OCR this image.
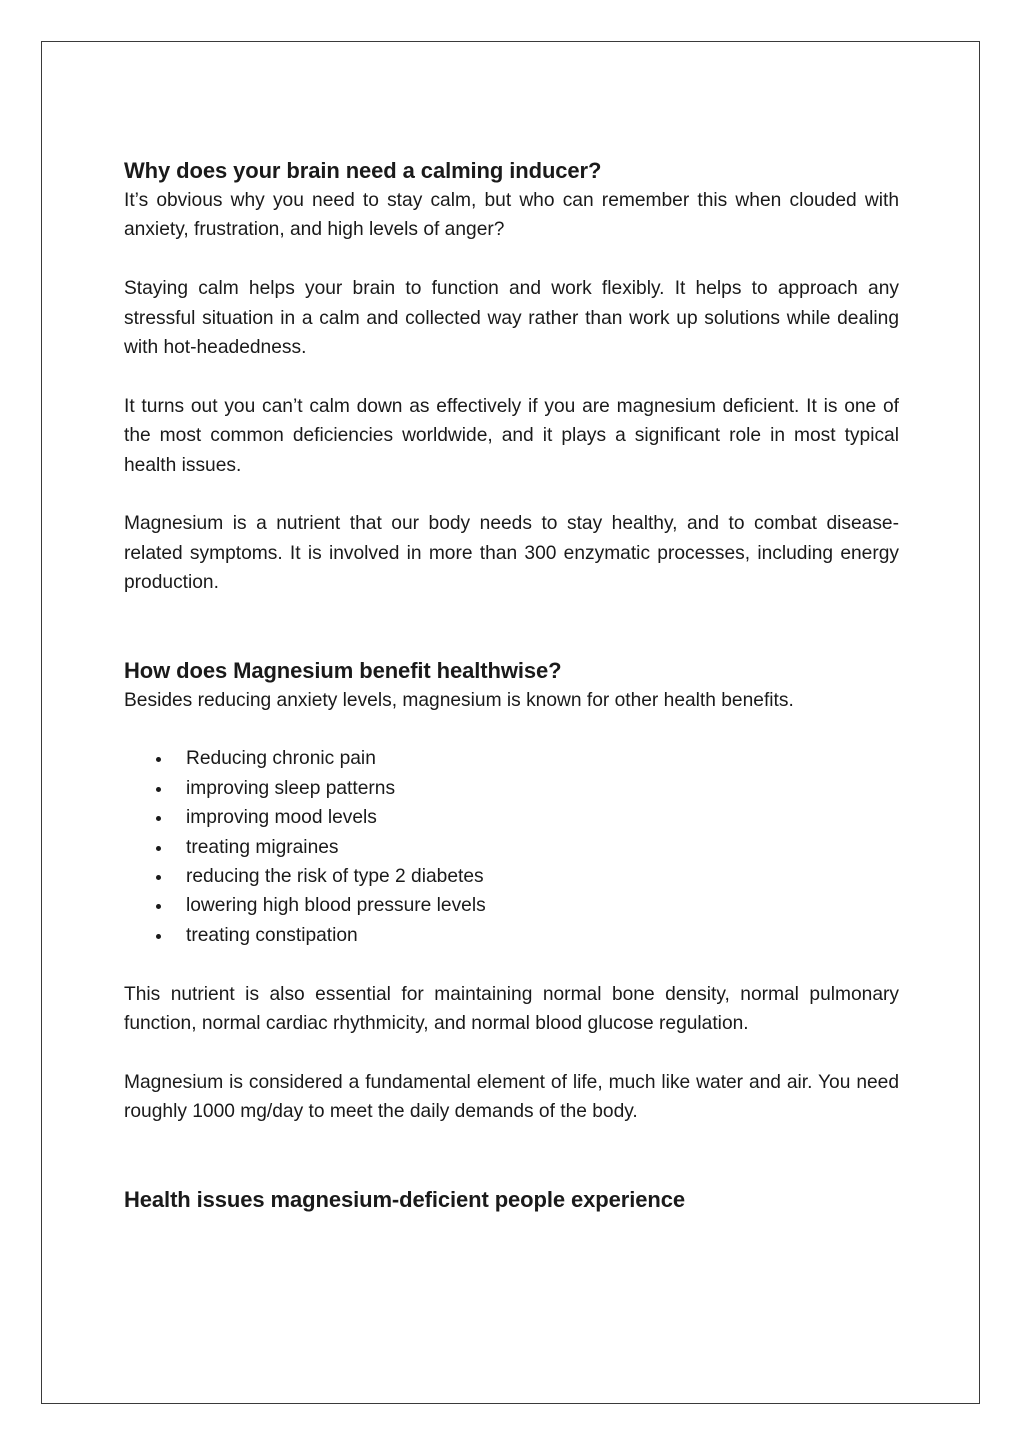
Why does your brain need a calming inducer?

It’s obvious why you need to stay calm, but who can remember this when clouded with anxiety, frustration, and high levels of anger?

Staying calm helps your brain to function and work flexibly. It helps to approach any stressful situation in a calm and collected way rather than work up solutions while dealing with hot-headedness.

It turns out you can’t calm down as effectively if you are magnesium deficient. It is one of the most common deficiencies worldwide, and it plays a significant role in most typical health issues.

Magnesium is a nutrient that our body needs to stay healthy, and to combat disease-related symptoms. It is involved in more than 300 enzymatic processes, including energy production.

How does Magnesium benefit healthwise?

Besides reducing anxiety levels, magnesium is known for other health benefits.

Reducing chronic pain
improving sleep patterns
improving mood levels
treating migraines
reducing the risk of type 2 diabetes
lowering high blood pressure levels
treating constipation

This nutrient is also essential for maintaining normal bone density, normal pulmonary function, normal cardiac rhythmicity, and normal blood glucose regulation.

Magnesium is considered a fundamental element of life, much like water and air. You need roughly 1000 mg/day to meet the daily demands of the body.

Health issues magnesium-deficient people experience
